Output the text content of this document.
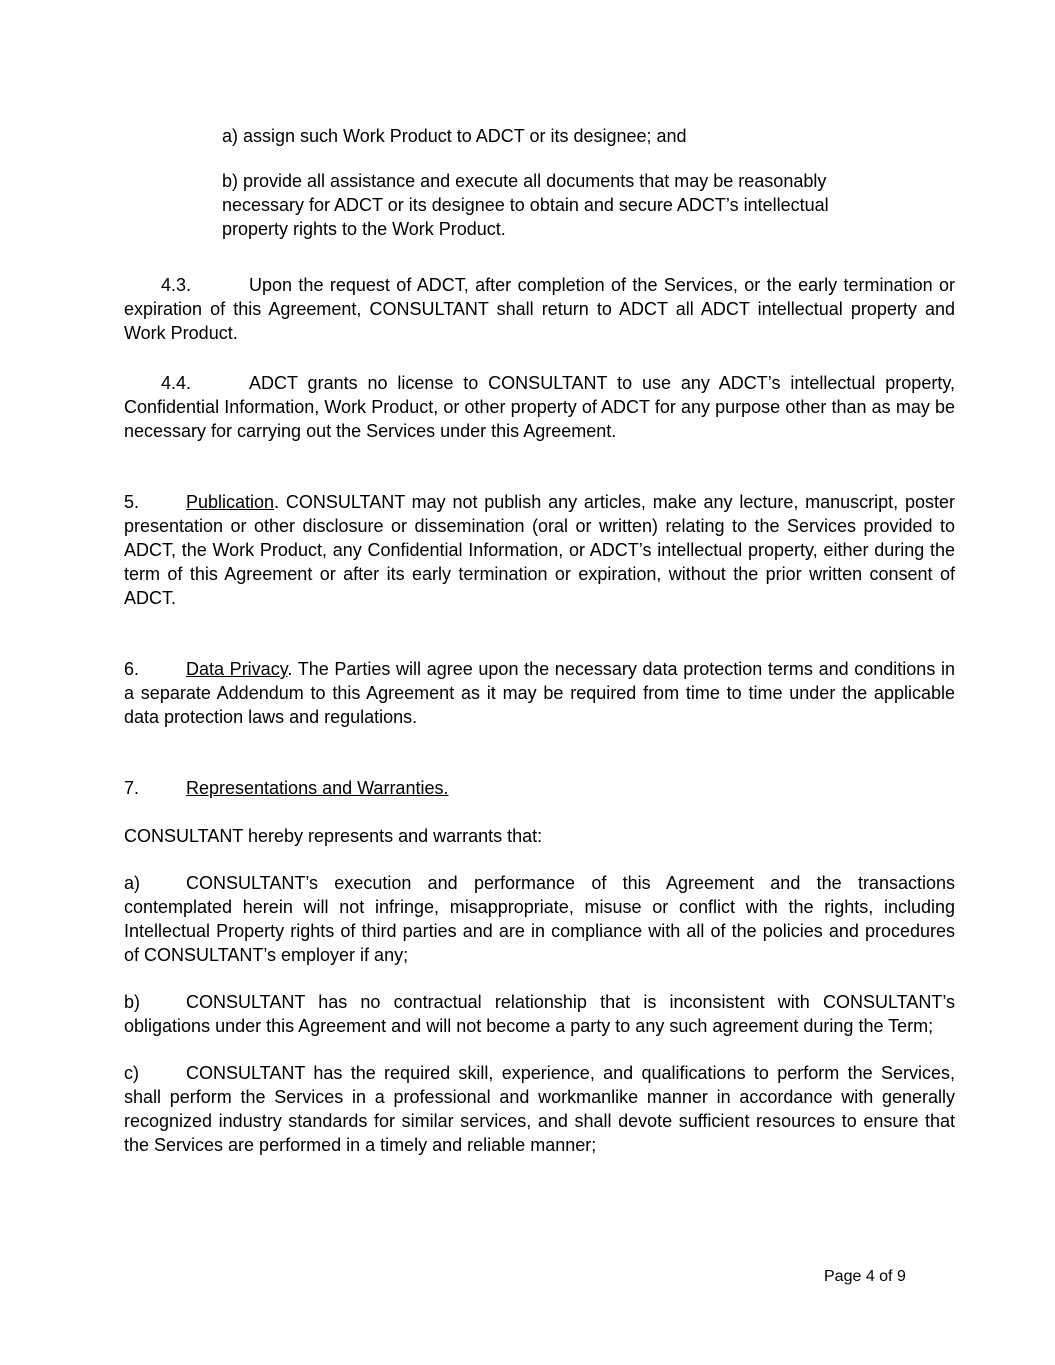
a) assign such Work Product to ADCT or its designee; and

b) provide all assistance and execute all documents that may be reasonably necessary for ADCT or its designee to obtain and secure ADCT’s intellectual property rights to the Work Product.

4.3.	Upon the request of ADCT, after completion of the Services, or the early termination or expiration of this Agreement, CONSULTANT shall return to ADCT all ADCT intellectual property and Work Product.

4.4.	ADCT grants no license to CONSULTANT to use any ADCT’s intellectual property, Confidential Information, Work Product, or other property of ADCT for any purpose other than as may be necessary for carrying out the Services under this Agreement.

5.	Publication. CONSULTANT may not publish any articles, make any lecture, manuscript, poster presentation or other disclosure or dissemination (oral or written) relating to the Services provided to ADCT, the Work Product, any Confidential Information, or ADCT’s intellectual property, either during the term of this Agreement or after its early termination or expiration, without the prior written consent of ADCT.

6.	Data Privacy. The Parties will agree upon the necessary data protection terms and conditions in a separate Addendum to this Agreement as it may be required from time to time under the applicable data protection laws and regulations.

7.	Representations and Warranties.

CONSULTANT hereby represents and warrants that:

a)	CONSULTANT’s execution and performance of this Agreement and the transactions contemplated herein will not infringe, misappropriate, misuse or conflict with the rights, including Intellectual Property rights of third parties and are in compliance with all of the policies and procedures of CONSULTANT’s employer if any;

b)	CONSULTANT has no contractual relationship that is inconsistent with CONSULTANT’s obligations under this Agreement and will not become a party to any such agreement during the Term;

c)	CONSULTANT has the required skill, experience, and qualifications to perform the Services, shall perform the Services in a professional and workmanlike manner in accordance with generally recognized industry standards for similar services, and shall devote sufficient resources to ensure that the Services are performed in a timely and reliable manner;

Page 4 of 9
